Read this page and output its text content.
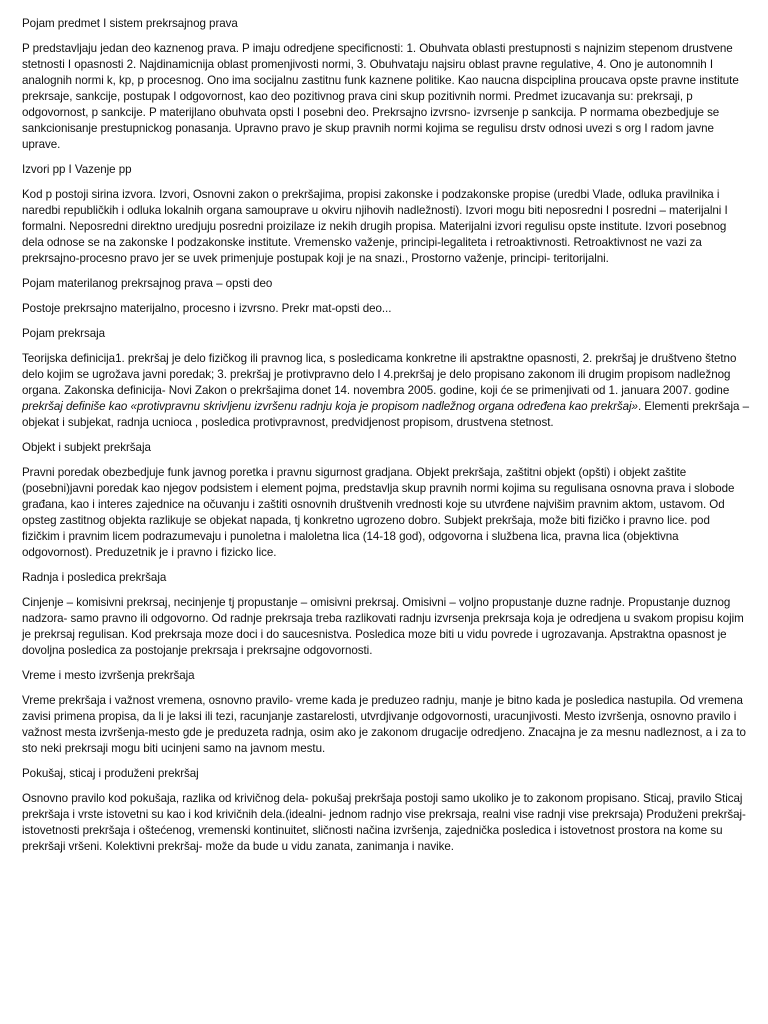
Pojam predmet I sistem prekrsajnog prava

P predstavljaju jedan deo kaznenog prava. P imaju odredjene specificnosti: 1. Obuhvata oblasti prestupnosti s najnizim stepenom drustvene stetnosti I opasnosti 2. Najdinamicnija oblast promenjivosti normi, 3. Obuhvataju najsiru oblast pravne regulative, 4. Ono je autonomnih I analognih normi k, kp, p procesnog. Ono ima socijalnu zastitnu funk kaznene politike. Kao naucna dispciplina proucava opste pravne institute prekrsaje, sankcije, postupak I odgovornost, kao deo pozitivnog prava cini skup pozitivnih normi. Predmet izucavanja su: prekrsaji, p odgovornost, p sankcije. P materijlano obuhvata opsti I posebni deo. Prekrsajno izvrsno- izvrsenje p sankcija. P normama obezbedjuje se sankcionisanje prestupnickog ponasanja. Upravno pravo je skup pravnih normi kojima se regulisu drstv odnosi uvezi s org I radom javne uprave.

Izvori pp I Vazenje pp

Kod p postoji sirina izvora. Izvori, Osnovni zakon o prekršajima, propisi zakonske i podzakonske propise (uredbi Vlade, odluka pravilnika i naredbi republičkih i odluka lokalnih organa samouprave u okviru njihovih nadležnosti). Izvori mogu biti neposredni I posredni – materijalni I formalni. Neposredni direktno uredjuju posredni proizilaze iz nekih drugih propisa. Materijalni izvori regulisu opste institute. Izvori posebnog dela odnose se na zakonske I podzakonske institute. Vremensko važenje, principi-legaliteta i retroaktivnosti. Retroaktivnost ne vazi za prekrsajno-procesno pravo jer se uvek primenjuje postupak koji je na snazi., Prostorno važenje, principi- teritorijalni.

Pojam materilanog prekrsajnog prava – opsti deo

Postoje prekrsajno materijalno, procesno i izvrsno. Prekr mat-opsti deo...

Pojam prekrsaja

Teorijska definicija1. prekršaj je delo fizičkog ili pravnog lica, s posledicama konkretne ili apstraktne opasnosti, 2. prekršaj je društveno štetno delo kojim se ugrožava javni poredak; 3. prekršaj je protivpravno delo I 4.prekršaj je delo propisano zakonom ili drugim propisom nadležnog organa. Zakonska definicija- Novi Zakon o prekršajima donet 14. novembra 2005. godine, koji će se primenjivati od 1. januara 2007. godine prekršaj definiše kao «protivpravnu skrivljenu izvršenu radnju koja je propisom nadležnog organa određena kao prekršaj». Elementi prekršaja – objekat i subjekat, radnja ucnioca , posledica protivpravnost, predvidjenost propisom, drustvena stetnost.

Objekt i subjekt prekršaja

Pravni poredak obezbedjuje funk javnog poretka i pravnu sigurnost gradjana. Objekt prekršaja, zaštitni objekt (opšti) i objekt zaštite (posebni)javni poredak kao njegov podsistem i element pojma, predstavlja skup pravnih normi kojima su regulisana osnovna prava i slobode građana, kao i interes zajednice na očuvanju i zaštiti osnovnih društvenih vrednosti koje su utvrđene najvišim pravnim aktom, ustavom. Od opsteg zastitnog objekta razlikuje se objekat napada, tj konkretno ugrozeno dobro. Subjekt prekršaja, može biti fizičko i pravno lice. pod fizičkim i pravnim licem podrazumevaju i punoletna i maloletna lica (14-18 god), odgovorna i službena lica, pravna lica (objektivna odgovornost). Preduzetnik je i pravno i fizicko lice.

Radnja i posledica prekršaja

Cinjenje – komisivni prekrsaj, necinjenje tj propustanje – omisivni prekrsaj. Omisivni – voljno propustanje duzne radnje. Propustanje duznog nadzora- samo pravno ili odgovorno. Od radnje prekrsaja treba razlikovati radnju izvrsenja prekrsaja koja je odredjena u svakom propisu kojim je prekrsaj regulisan. Kod prekrsaja moze doci i do saucesnistva. Posledica moze biti u vidu povrede i ugrozavanja. Apstraktna opasnost je dovoljna posledica za postojanje prekrsaja i prekrsajne odgovornosti.

Vreme i mesto izvršenja prekršaja

Vreme prekršaja i važnost vremena, osnovno pravilo- vreme kada je preduzeo radnju, manje je bitno kada je posledica nastupila. Od vremena zavisi primena propisa, da li je laksi ili tezi, racunjanje zastarelosti, utvrdjivanje odgovornosti, uracunjivosti. Mesto izvršenja, osnovno pravilo i važnost mesta izvršenja-mesto gde je preduzeta radnja, osim ako je zakonom drugacije odredjeno. Znacajna je za mesnu nadleznost, a i za to sto neki prekrsaji mogu biti ucinjeni samo na javnom mestu.

Pokušaj, sticaj i produženi prekršaj

Osnovno pravilo kod pokušaja, razlika od krivičnog dela- pokušaj prekršaja postoji samo ukoliko je to zakonom propisano. Sticaj, pravilo Sticaj prekršaja i vrste istovetni su kao i kod krivičnih dela.(idealni- jednom radnjo vise prekrsaja, realni vise radnji vise prekrsaja) Produženi prekršaj- istovetnosti prekršaja i oštećenog, vremenski kontinuitet, sličnosti načina izvršenja, zajednička posledica i istovetnost prostora na kome su prekršaji vršeni. Kolektivni prekršaj- može da bude u vidu zanata, zanimanja i navike.
